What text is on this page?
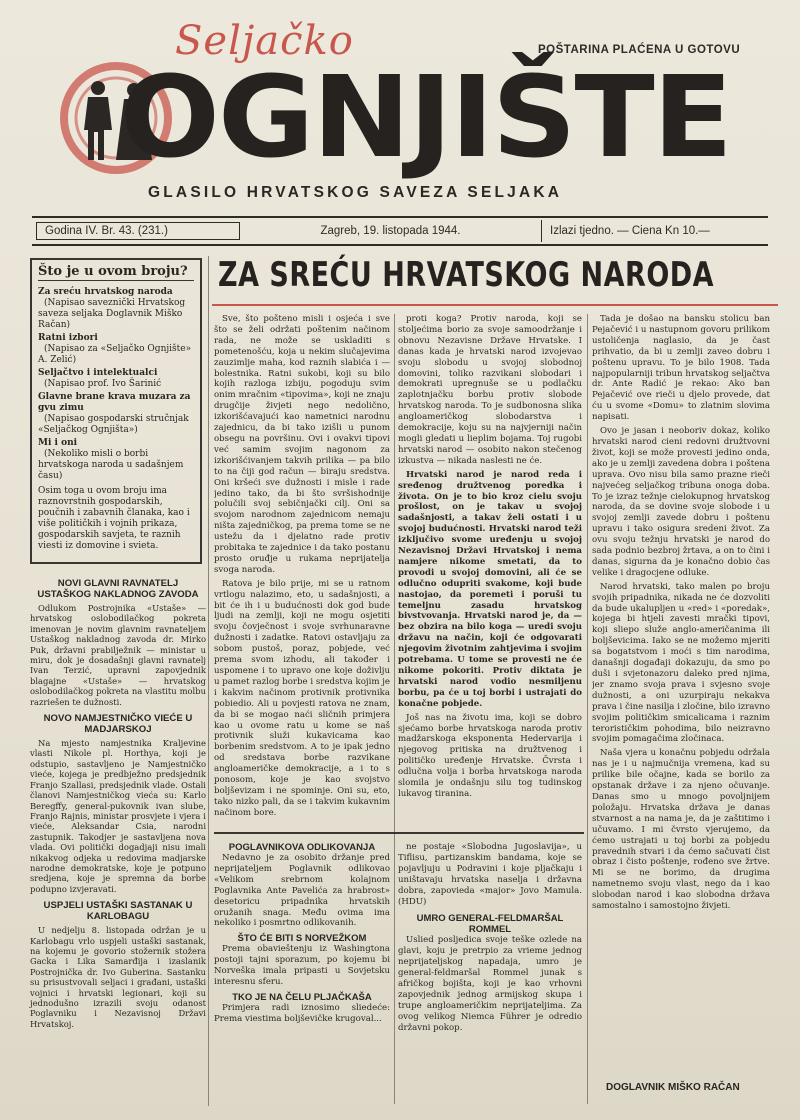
Seljačko	POŠTARINA PLAĆENA U GOTOVU
OGNJIŠTE
GLASILO HRVATSKOG SAVEZA SELJAKA
Godina IV. Br. 43. (231.)	Zagreb, 19. listopada 1944.	Izlazi tjedno. — Ciena Kn 10.—
Što je u ovom broju?

Za sreću hrvatskog naroda
(Napisao saveznički Hrvatskog saveza seljaka Doglavnik Miško Račan)

Ratni izbori
(Napisao za «Seljačko Ognjište» A. Zelić)

Seljačtvo i intelektualci
(Napisao prof. Ivo Šarinić

Glavne brane krava muzara za gvu zimu
(Napisao gospodarski stručnjak «Seljačkog Ognjišta»)

Mi i oni
(Nekoliko misli o borbi hrvatskoga naroda u sadašnjem času)

Osim toga u ovom broju ima raznovrstnih gospodarskih, poučnih i zabavnih članaka, kao i više političkih i vojnih prikaza, gospodarskih savjeta, te raznih viesti iz domovine i svieta.

NOVI GLAVNI RAVNATELJ USTAŠKOG NAKLADNOG ZAVODA

Odlukom Postrojnika «Ustaše» — hrvatskog oslobodilačkog pokreta imenovan je novim glavnim ravnateljem Ustaškog nakladnog zavoda dr. Mirko Puk, državni prabilježnik — ministar u miru, dok je dosadašnji glavni ravnatelj Ivan Terzić, upravni zapovjednik blagajne «Ustaše» — hrvatskog oslobodilačkog pokreta na vlastitu molbu razriešen te dužnosti.

NOVO NAMJESTNIČKO VIEĆE U MADJARSKOJ

Na mjesto namjestnika Kraljevine vlasti Nikole pl. Horthya, koji je odstupio, sastavljeno je Namjestničko vieće, kojega je predbježno predsjednik Franjo Szallasi, predsjednik vlade. Ostali članovi Namjestničkog vieća su: Karlo Beregffy, general-pukovnik ivan slube, Franjo Rajnis, ministar prosvjete i vjera i vieće, Aleksandar Csia, narodni zastupnik. Takodjer je sastavljena nova vlada. Ovi politički dogadjaji nisu imali nikakvog odjeka u redovima madjarske narodne demokratske, koje je potpuno sredjena, koje je spremna da borbe podupno izvjeravati.

USPJELI USTAŠKI SASTANAK U KARLOBAGU

U nedjelju 8. listopada održan je u Karlobagu vrlo uspjeli ustaški sastanak, na kojemu je govorio stožernik stožera Gacka i Lika Samarđija i izaslanik Postrojnička dr. Ivo Guberina. Sastanku su prisustvovali seljaci i građani, ustaški vojnici i hrvatski legionari, koji su jednodušno izrazili svoju odanost Poglavniku i Nezavisnoj Državi Hrvatskoj.

ZA SREĆU HRVATSKOG NARODA

Sve, što pošteno misli i osjeća i sve što se želi održati poštenim načinom rada, ne može se uskladiti s pometenošću, koja u nekim slučajevima zauzimlje maha, kod raznih slabića i — bolestnika. Ratni sukobi, koji su bilo kojih razloga izbiju, pogoduju svim onim mračnim «tipovima», koji ne znaju drugčije živjeti nego nedolično, izkorišćavajući kao nametnici narodnu zajednicu, da bi tako izišli u punom obsegu na površinu. Ovi i ovakvi tipovi već samim svojim nagonom za izkorišćivanjem takvih prilika — pa bilo to na čiji god račun — biraju sredstva. Oni kršeći sve dužnosti i misle i rade jedino tako, da bi što svršishodnije polučili svoj sebičnjački cilj. Oni sa svojom narodnom zajednicom nemaju ništa zajedničkog, pa prema tome se ne ustežu da i djelatno rade protiv probitaka te zajednice i da tako postanu prosto oruđje u rukama neprijatelja svoga naroda.

Ratova je bilo prije, mi se u ratnom vrtlogu nalazimo, eto, u sadašnjosti, a bit će ih i u budućnosti dok god bude ljudi na zemlji, koji ne mogu osjetiti svoju čovječnost i svoje svrhunaravne dužnosti i zadatke. Ratovi ostavljaju za sobom pustoš, poraz, pobjede, već prema svom izhodu, ali također i uspomene i to upravo one koje doživlju u pamet razlog borbe i sredstva kojim je i kakvim načinom protivnik protivnika pobiedio. Ali u povjesti ratova ne znam, da bi se mogao naći sličnih primjera kao u ovome ratu u kome se naš protivnik služi kukavicama kao borbenim sredstvom. A to je ipak jedno od sredstava borbe razvikane angloameričke demokracije, a i to s ponosom, koje je kao svojstvo boljševizam i ne spominje. Oni su, eto, tako nizko pali, da se i takvim kukavnim načinom bore.

proti koga? Protiv naroda, koji se stoljećima borio za svoje samoodržanje i obnovu Nezavisne Države Hrvatske. I danas kada je hrvatski narod izvojevao svoju slobodu u svojoj slobodnoj domovini, toliko razvikani slobodari i demokrati upregnuše se u podlačku zaplotnjačku borbu protiv slobode hrvatskog naroda. To je sudbonosna slika angloameričkog slobodarstva i demokracije, koju su na najvjerniji način mogli gledati u lieplim bojama. Toj rugobi hrvatski narod — osobito nakon stečenog izkustva — nikada naslesti ne će.

Hrvatski narod je narod reda i sređenog družtvenog poredka i života. On je to bio kroz cielu svoju prošlost, on je takav u svojoj sadašnjosti, a takav želi ostati i u svojoj budućnosti. Hrvatski narod teži izključivo svome uređenju u svojoj Nezavisnoj Državi Hrvatskoj i nema namjere nikome smetati, da to provodi u svojoj domovini, ali će se odlučno odupriti svakome, koji bude nastojao, da poremeti i poruši tu temeljnu zasadu hrvatskog bivstvovanja. Hrvatski narod je, da — bez obzira na bilo koga — uredi svoju državu na način, koji će odgovarati njegovim životnim zahtjevima i svojim potrebama. U tome se provesti ne će nikome pokoriti. Protiv diktata je hrvatski narod vodio nesmiljenu borbu, pa će u toj borbi i ustrajati do konačne pobjede.

Još nas na životu ima, koji se dobro sjećamo borbe hrvatskoga naroda protiv madžarskoga eksponenta Hedervarija i njegovog pritiska na družtvenog i političko uređenje Hrvatske. Čvrsta i odlučna volja i borba hrvatskoga naroda slomila je ondašnju silu tog tudinskog lukavog tiranina.

Tada je došao na bansku stolicu ban Pejačević i u nastupnom govoru prilikom ustoličenja naglasio, da je čast prihvatio, da bi u zemlji zaveo dobru i poštenu upravu. To je bilo 1908. Tada najpopularniji tribun hrvatskog seljačtva dr. Ante Radić je rekao: Ako ban Pejačević ove rieči u djelo provede, dat ću u svome «Domu» to zlatnim slovima napisati.

Ovo je jasan i neoboriv dokaz, koliko hrvatski narod cieni redovni družtvovni život, koji se može provesti jedino onda, ako je u zemlji zavedena dobra i poštena uprava. Ovo nisu bila samo prazne rieči najvećeg seljačkog tribuna onoga doba. To je izraz težnje cielokupnog hrvatskog naroda, da se dovine svoje slobode i u svojoj zemlji zavede dobru i poštenu upravu i tako osigura sredeni život. Za ovu svoju težnju hrvatski je narod do sada podnio bezbroj žrtava, a on to čini i danas, sigurna da je konačno dobio čas velike i dragocjene odluke.

Narod hrvatski, tako malen po broju svojih pripadnika, nikada ne će dozvoliti da bude ukalupljen u «red» i «poredak», kojega bi htjeli zavesti mrački tipovi, koji sliepo služe anglo-američanima ili boljševicima. Iako se ne možemo mjeriti sa bogatstvom i moći s tim narodima, današnji događaji dokazuju, da smo po duši i svjetonazoru daleko pred njima, jer znamo svoja prava i svjesno svoje dužnosti, a oni uzurpiraju nekakva prava i čine nasilja i zločine, bilo izravno svojim političkim smicalicama i raznim terorističkim pohodima, bilo neizravno svojim pomagačima zločinaca.

Naša vjera u konačnu pobjedu održala nas je i u najmučnija vremena, kad su prilike bile očajne, kada se borilo za opstanak države i za njeno očuvanje. Danas smo u mnogo povoljnijem položaju. Hrvatska država je danas stvarnost a na nama je, da je zaštitimo i učuvamo. I mi čvrsto vjerujemo, da ćemo ustrajati u toj borbi za pobjedu pravednih stvari i da ćemo sačuvati čist obraz i čisto poštenje, rođeno sve žrtve. Mi se ne borimo, da drugima nametnemo svoju vlast, nego da i kao slobodan narod i kao slobodna država samostalno i samostojno živjeti.

DOGLAVNIK MIŠKO RAČAN
POGLAVNIKOVA ODLIKOVANJA

Nedavno je za osobito držanje pred neprijateljem Poglavnik odlikovao «Velikom srebrnom kolajnom Poglavnika Ante Pavelića za hrabrost» desetoricu pripadnika hrvatskih oružanih snaga. Među ovima ima nekoliko i posmrtno odlikovanih.

ŠTO ĆE BITI S NORVEŽKOM

Prema obavieštenju iz Washingtona postoji tajni sporazum, po kojemu bi Norveška imala pripasti u Sovjetsku interesnu sferu.

TKO JE NA ČELU PLJAČKAŠA

Primjera radi iznosimo sliedeće: Prema viestima boljševičke krugoval...

ne postaje «Slobodna Jugoslavija», u Tiflisu, partizanskim bandama, koje se pojavljuju u Podravini i koje pljačkaju i uništavaju hrvatska naselja i državna dobra, zapovieda «major» Jovo Mamula. (HDU)

UMRO GENERAL-FELDMARŠAL ROMMEL

Uslied posljedica svoje teške ozlede na glavi, koju je pretrpio za vrieme jednog neprijateljskog napadaja, umro je general-feldmaršal Rommel junak s afričkog bojišta, koji je kao vrhovni zapovjednik jednog armijskog skupa i trupe angloameričkim neprijateljima. Za ovog velikog Niemca Führer je odredio državni pokop.
